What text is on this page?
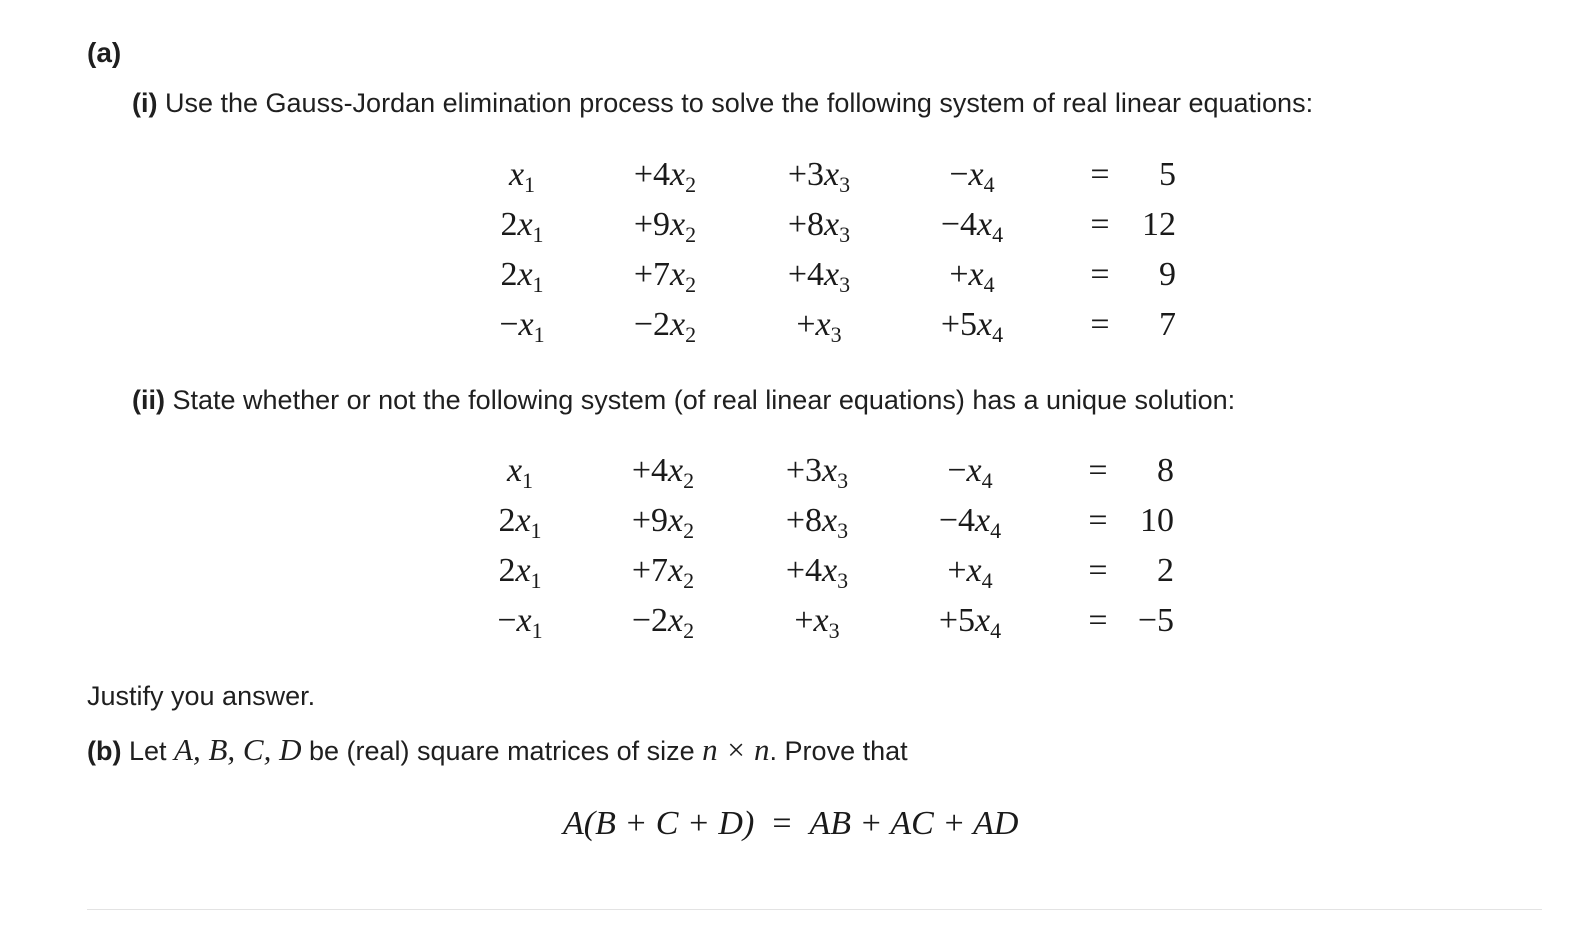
(a)
(i) Use the Gauss-Jordan elimination process to solve the following system of real linear equations:
$x_1$	$+4x_2$	$+3x_3$	$-x_4$	=	5
$2x_1$	$+9x_2$	$+8x_3$	$-4x_4$	= 12
$2x_1$	$+7x_2$	$+4x_3$	$+x_4$	=	9
$-x_1$	$-2x_2$	$+x_3$	$+5x_4$	=	7
(ii) State whether or not the following system (of real linear equations) has a unique solution:
$x_1$	$+4x_2$	$+3x_3$	$-x_4$	=	8
$2x_1$	$+9x_2$	$+8x_3$	$-4x_4$	= 10
$2x_1$	$+7x_2$	$+4x_3$	$+x_4$	=	2
$-x_1$	$-2x_2$	$+x_3$	$+5x_4$	= −5
Justify you answer.
(b) Let A, B, C, D be (real) square matrices of size n × n. Prove that
A(B + C + D) = AB + AC + AD
